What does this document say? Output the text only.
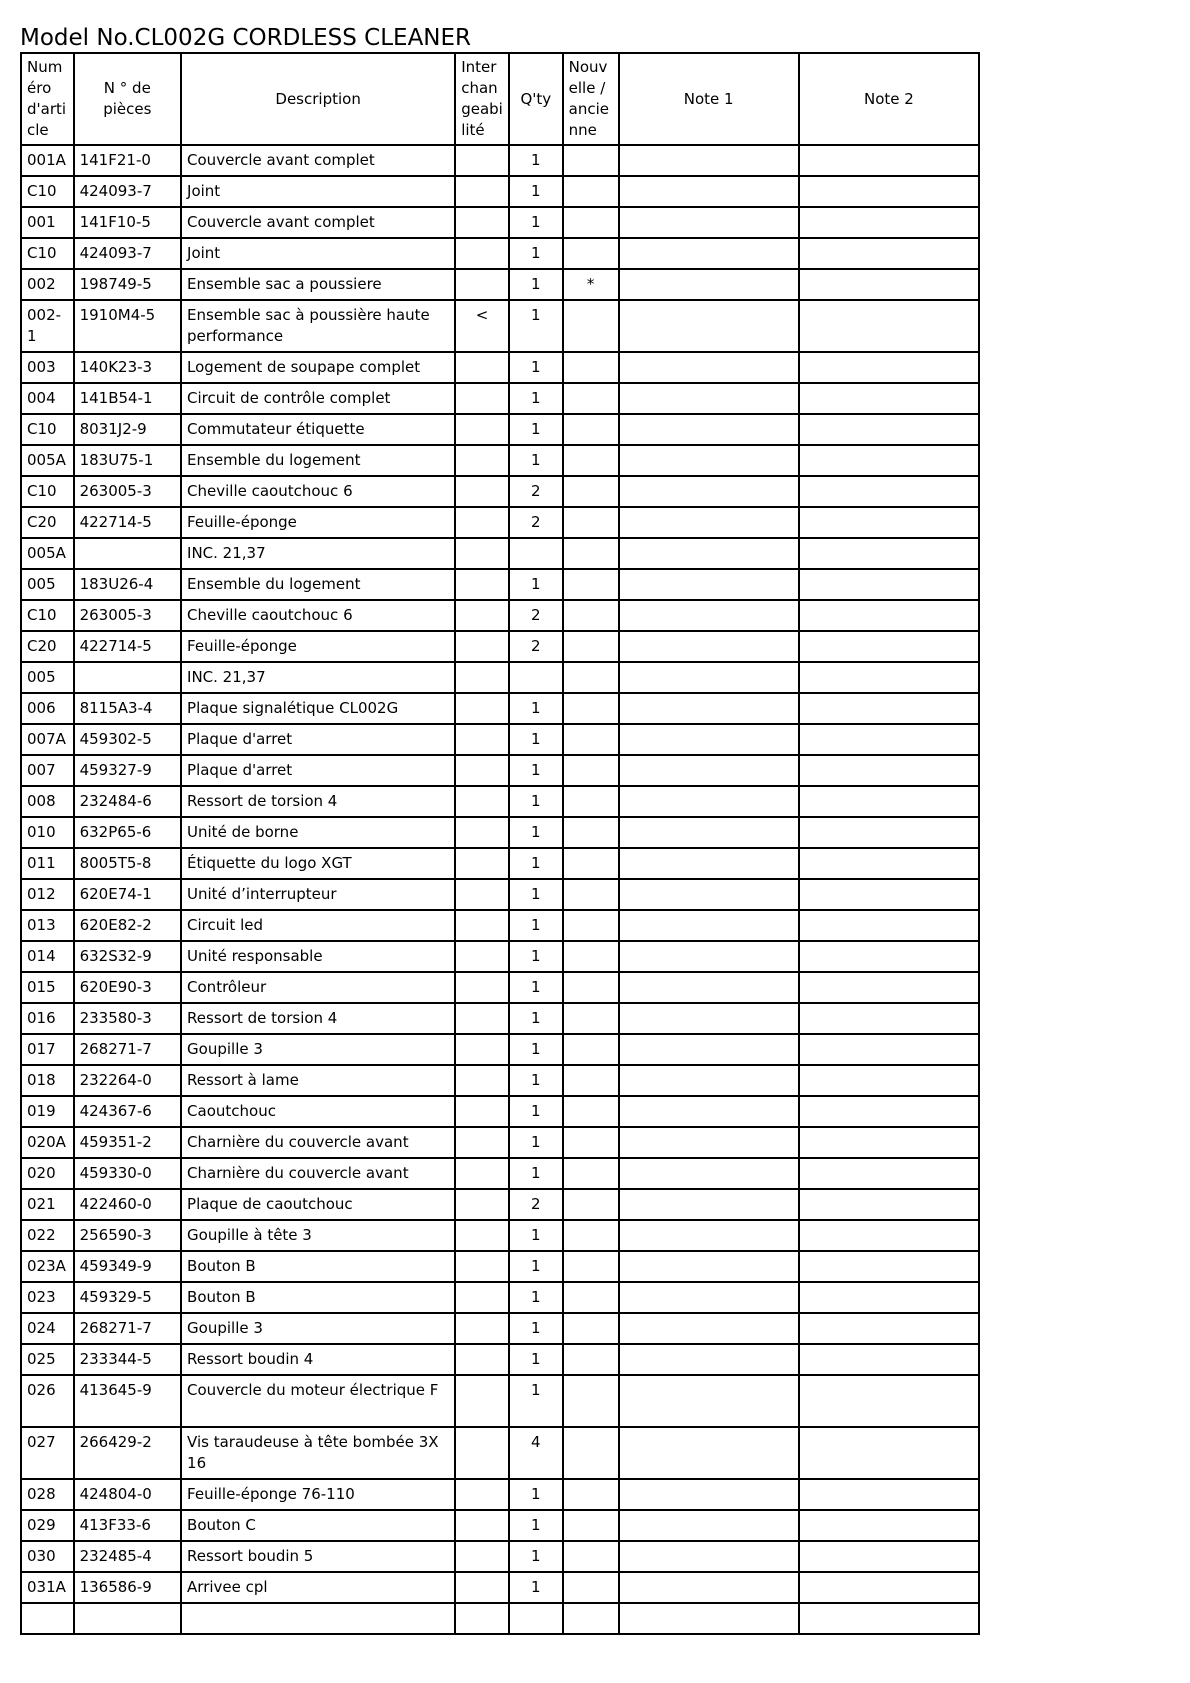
Model No.CL002G CORDLESS CLEANER
Numéro d'article	N ° de pièces	Description	Interchangeabilité	Q'ty	Nouvelle / ancienne	Note 1	Note 2
001A	141F21-0	Couvercle avant complet		1			
C10	424093-7	Joint		1			
001	141F10-5	Couvercle avant complet		1			
C10	424093-7	Joint		1			
002	198749-5	Ensemble sac a poussiere		1	*		
002-1	1910M4-5	Ensemble sac à poussière haute performance	<	1			
003	140K23-3	Logement de soupape complet		1			
004	141B54-1	Circuit de contrôle complet		1			
C10	8031J2-9	Commutateur étiquette		1			
005A	183U75-1	Ensemble du logement		1			
C10	263005-3	Cheville caoutchouc 6		2			
C20	422714-5	Feuille-éponge		2			
005A		INC. 21,37					
005	183U26-4	Ensemble du logement		1			
C10	263005-3	Cheville caoutchouc 6		2			
C20	422714-5	Feuille-éponge		2			
005		INC. 21,37					
006	8115A3-4	Plaque signalétique CL002G		1			
007A	459302-5	Plaque d'arret		1			
007	459327-9	Plaque d'arret		1			
008	232484-6	Ressort de torsion 4		1			
010	632P65-6	Unité de borne		1			
011	8005T5-8	Étiquette du logo XGT		1			
012	620E74-1	Unité d’interrupteur		1			
013	620E82-2	Circuit led		1			
014	632S32-9	Unité responsable		1			
015	620E90-3	Contrôleur		1			
016	233580-3	Ressort de torsion 4		1			
017	268271-7	Goupille 3		1			
018	232264-0	Ressort à lame		1			
019	424367-6	Caoutchouc		1			
020A	459351-2	Charnière du couvercle avant		1			
020	459330-0	Charnière du couvercle avant		1			
021	422460-0	Plaque de caoutchouc		2			
022	256590-3	Goupille à tête 3		1			
023A	459349-9	Bouton B		1			
023	459329-5	Bouton B		1			
024	268271-7	Goupille 3		1			
025	233344-5	Ressort boudin 4		1			
026	413645-9	Couvercle du moteur électrique F		1			
027	266429-2	Vis taraudeuse à tête bombée 3X 16		4			
028	424804-0	Feuille-éponge 76-110		1			
029	413F33-6	Bouton C		1			
030	232485-4	Ressort boudin 5		1			
031A	136586-9	Arrivee cpl		1			
